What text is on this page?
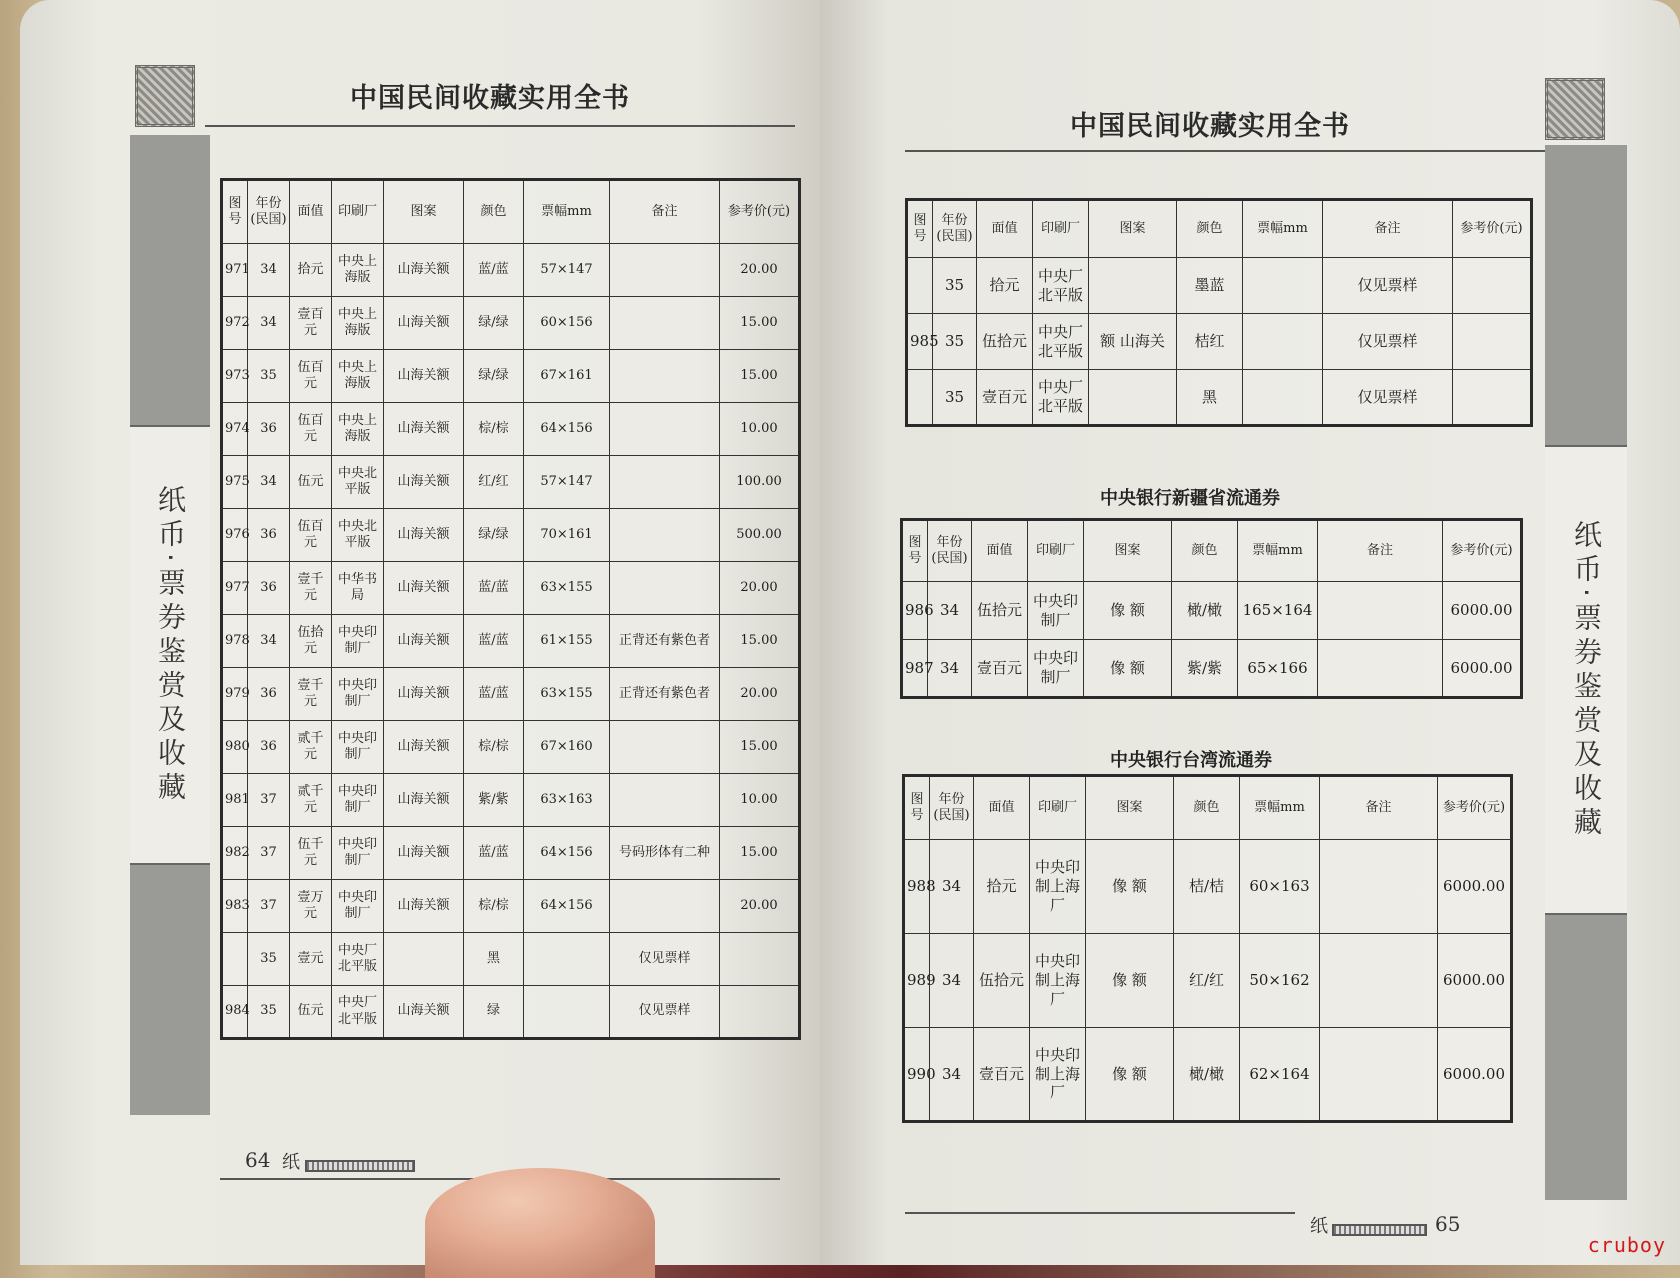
中国民间收藏实用全书
纸币·票券鉴赏及收藏
图号	年份(民国)	面值	印刷厂	图案	颜色	票幅mm	备注	参考价(元)
971	34	拾元	中央上海版	山海关额	蓝/蓝	57×147		20.00
972	34	壹百元	中央上海版	山海关额	绿/绿	60×156		15.00
973	35	伍百元	中央上海版	山海关额	绿/绿	67×161		15.00
974	36	伍百元	中央上海版	山海关额	棕/棕	64×156		10.00
975	34	伍元	中央北平版	山海关额	红/红	57×147		100.00
976	36	伍百元	中央北平版	山海关额	绿/绿	70×161		500.00
977	36	壹千元	中华书局	山海关额	蓝/蓝	63×155		20.00
978	34	伍拾元	中央印制厂	山海关额	蓝/蓝	61×155	正背还有紫色者	15.00
979	36	壹千元	中央印制厂	山海关额	蓝/蓝	63×155	正背还有紫色者	20.00
980	36	贰千元	中央印制厂	山海关额	棕/棕	67×160		15.00
981	37	贰千元	中央印制厂	山海关额	紫/紫	63×163		10.00
982	37	伍千元	中央印制厂	山海关额	蓝/蓝	64×156	号码形体有二种	15.00
983	37	壹万元	中央印制厂	山海关额	棕/棕	64×156		20.00
	35	壹元	中央厂北平版		黑		仅见票样	
984	35	伍元	中央厂北平版	山海关额	绿		仅见票样	
64 纸
中国民间收藏实用全书
纸币·票券鉴赏及收藏
图号	年份(民国)	面值	印刷厂	图案	颜色	票幅mm	备注	参考价(元)
	35	拾元	中央厂北平版		墨蓝		仅见票样	
985	35	伍拾元	中央厂北平版	额 山海关	桔红		仅见票样	
	35	壹百元	中央厂北平版		黑		仅见票样	
中央银行新疆省流通券
图号	年份(民国)	面值	印刷厂	图案	颜色	票幅mm	备注	参考价(元)
986	34	伍拾元	中央印制厂	像 额	橄/橄	165×164		6000.00
987	34	壹百元	中央印制厂	像 额	紫/紫	65×166		6000.00
中央银行台湾流通券
图号	年份(民国)	面值	印刷厂	图案	颜色	票幅mm	备注	参考价(元)
988	34	拾元	中央印制上海厂	像 额	桔/桔	60×163		6000.00
989	34	伍拾元	中央印制上海厂	像 额	红/红	50×162		6000.00
990	34	壹百元	中央印制上海厂	像 额	橄/橄	62×164		6000.00
纸	65
cruboy
